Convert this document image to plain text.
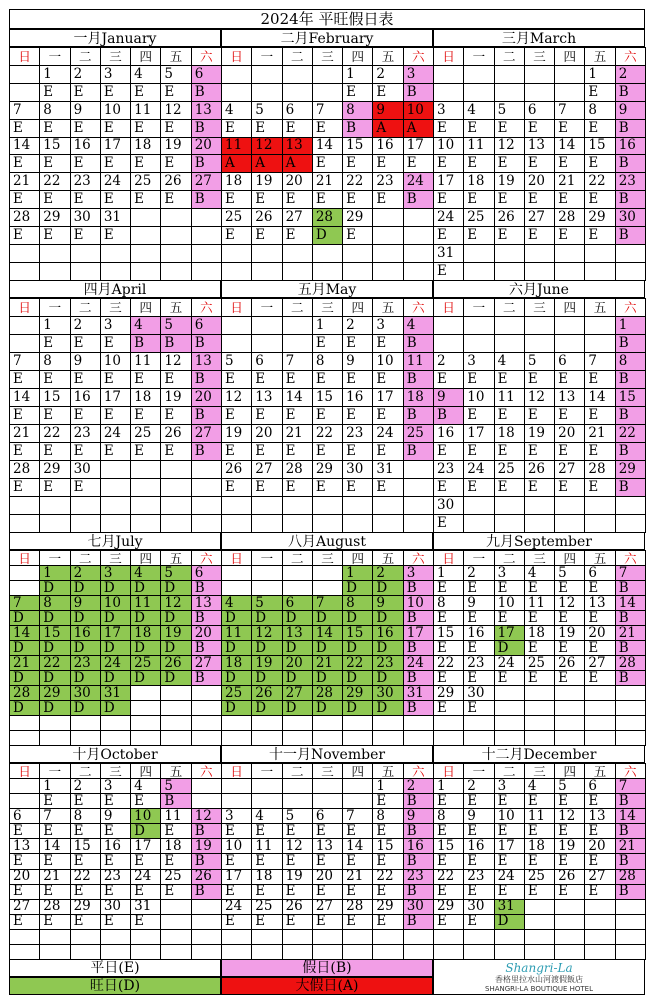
2024年 平旺假日表
一月January
日	一	二	三	四	五	六
	1	2	3	4	5	6
	E	E	E	E	E	B
7	8	9	10	11	12	13
E	E	E	E	E	E	B
14	15	16	17	18	19	20
E	E	E	E	E	E	B
21	22	23	24	25	26	27
E	E	E	E	E	E	B
28	29	30	31			
E	E	E	E			

二月February
日	一	二	三	四	五	六
				1	2	3
				E	E	B
4	5	6	7	8	9	10
E	E	E	E	B	A	A
11	12	13	14	15	16	17
A	A	A	E	E	E	E
18	19	20	21	22	23	24
E	E	E	E	E	E	B
25	26	27	28	29		
E	E	E	D	E		

三月March
日	一	二	三	四	五	六
					1	2
					E	B
3	4	5	6	7	8	9
E	E	E	E	E	E	B
10	11	12	13	14	15	16
E	E	E	E	E	E	B
17	18	19	20	21	22	23
E	E	E	E	E	E	B
24	25	26	27	28	29	30
E	E	E	E	E	E	B
31						
E						
四月April
日	一	二	三	四	五	六
	1	2	3	4	5	6
	E	E	E	B	B	B
7	8	9	10	11	12	13
E	E	E	E	E	E	B
14	15	16	17	18	19	20
E	E	E	E	E	E	B
21	22	23	24	25	26	27
E	E	E	E	E	E	B
28	29	30				
E	E	E				

五月May
日	一	二	三	四	五	六
			1	2	3	4
			E	E	E	B
5	6	7	8	9	10	11
E	E	E	E	E	E	B
12	13	14	15	16	17	18
E	E	E	E	E	E	B
19	20	21	22	23	24	25
E	E	E	E	E	E	B
26	27	28	29	30	31	
E	E	E	E	E	E	

六月June
日	一	二	三	四	五	六
						1
						B
2	3	4	5	6	7	8
E	E	E	E	E	E	B
9	10	11	12	13	14	15
B	E	E	E	E	E	B
16	17	18	19	20	21	22
E	E	E	E	E	E	B
23	24	25	26	27	28	29
E	E	E	E	E	E	B
30						
E						
七月July
日	一	二	三	四	五	六
	1	2	3	4	5	6
	D	D	D	D	D	B
7	8	9	10	11	12	13
D	D	D	D	D	D	B
14	15	16	17	18	19	20
D	D	D	D	D	D	B
21	22	23	24	25	26	27
D	D	D	D	D	D	B
28	29	30	31			
D	D	D	D			

八月August
日	一	二	三	四	五	六
				1	2	3
				D	D	B
4	5	6	7	8	9	10
D	D	D	D	D	D	B
11	12	13	14	15	16	17
D	D	D	D	D	D	B
18	19	20	21	22	23	24
D	D	D	D	D	D	B
25	26	27	28	29	30	31
D	D	D	D	D	D	B

九月September
日	一	二	三	四	五	六
1	2	3	4	5	6	7
E	E	E	E	E	E	B
8	9	10	11	12	13	14
E	E	E	E	E	E	B
15	16	17	18	19	20	21
E	E	D	E	E	E	B
22	23	24	25	26	27	28
E	E	E	E	E	E	B
29	30					
E	E					

十月October
日	一	二	三	四	五	六
	1	2	3	4	5	
	E	E	E	E	B	
6	7	8	9	10	11	12
E	E	E	E	D	E	B
13	14	15	16	17	18	19
E	E	E	E	E	E	B
20	21	22	23	24	25	26
E	E	E	E	E	E	B
27	28	29	30	31		
E	E	E	E	E		

十一月November
日	一	二	三	四	五	六
					1	2
					E	B
3	4	5	6	7	8	9
E	E	E	E	E	E	B
10	11	12	13	14	15	16
E	E	E	E	E	E	B
17	18	19	20	21	22	23
E	E	E	E	E	E	B
24	25	26	27	28	29	30
E	E	E	E	E	E	B

十二月December
日	一	二	三	四	五	六
1	2	3	4	5	6	7
E	E	E	E	E	E	B
8	9	10	11	12	13	14
E	E	E	E	E	E	B
15	16	17	18	19	20	21
E	E	E	E	E	E	B
22	23	24	25	26	27	28
E	E	E	E	E	E	B
29	30	31				
E	E	D				

平日(E)	假日(B)
旺日(D)	大假日(A)
Shangri-La
香格里拉水山河渡假飯店
SHANGRI-LA BOUTIQUE HOTEL
